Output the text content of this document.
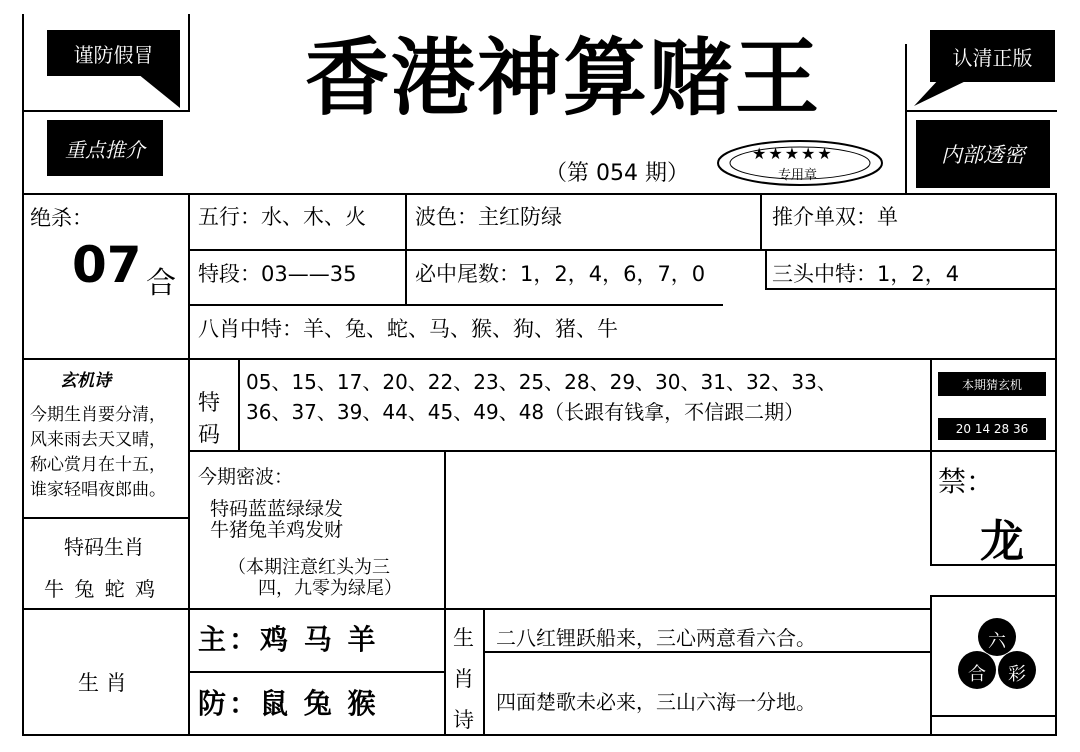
谨防假冒	香港神算赌王	认清正版
重点推介	内部透密
（第 054 期）
★★★★★
专用章
绝杀：
07 合
五行：水、木、火 波色：主红防绿	推介单双：单
特段：03——35	必中尾数：1，2，4，6，7，0	三头中特：1，2，4
八肖中特：羊、兔、蛇、马、猴、狗、猪、牛
玄机诗
今期生肖要分清，
风来雨去天又晴，
称心赏月在十五，
谁家轻唱夜郎曲。
特
码
05、15、17、20、22、23、25、28、29、30、31、32、33、
36、37、39、44、45、49、48（长跟有钱拿，不信跟二期）
本期猜玄机
20 14 28 36
今期密波：
特码蓝蓝绿绿发
牛猪兔羊鸡发财
（本期注意红头为三
四，九零为绿尾）
禁：
龙
特码生肖
牛 兔 蛇 鸡
生 肖
主：鸡 马 羊
防：鼠 兔 猴
生
肖
诗
二八红锂跃船来，三心两意看六合。
四面楚歌未必来，三山六海一分地。
六
合 彩
